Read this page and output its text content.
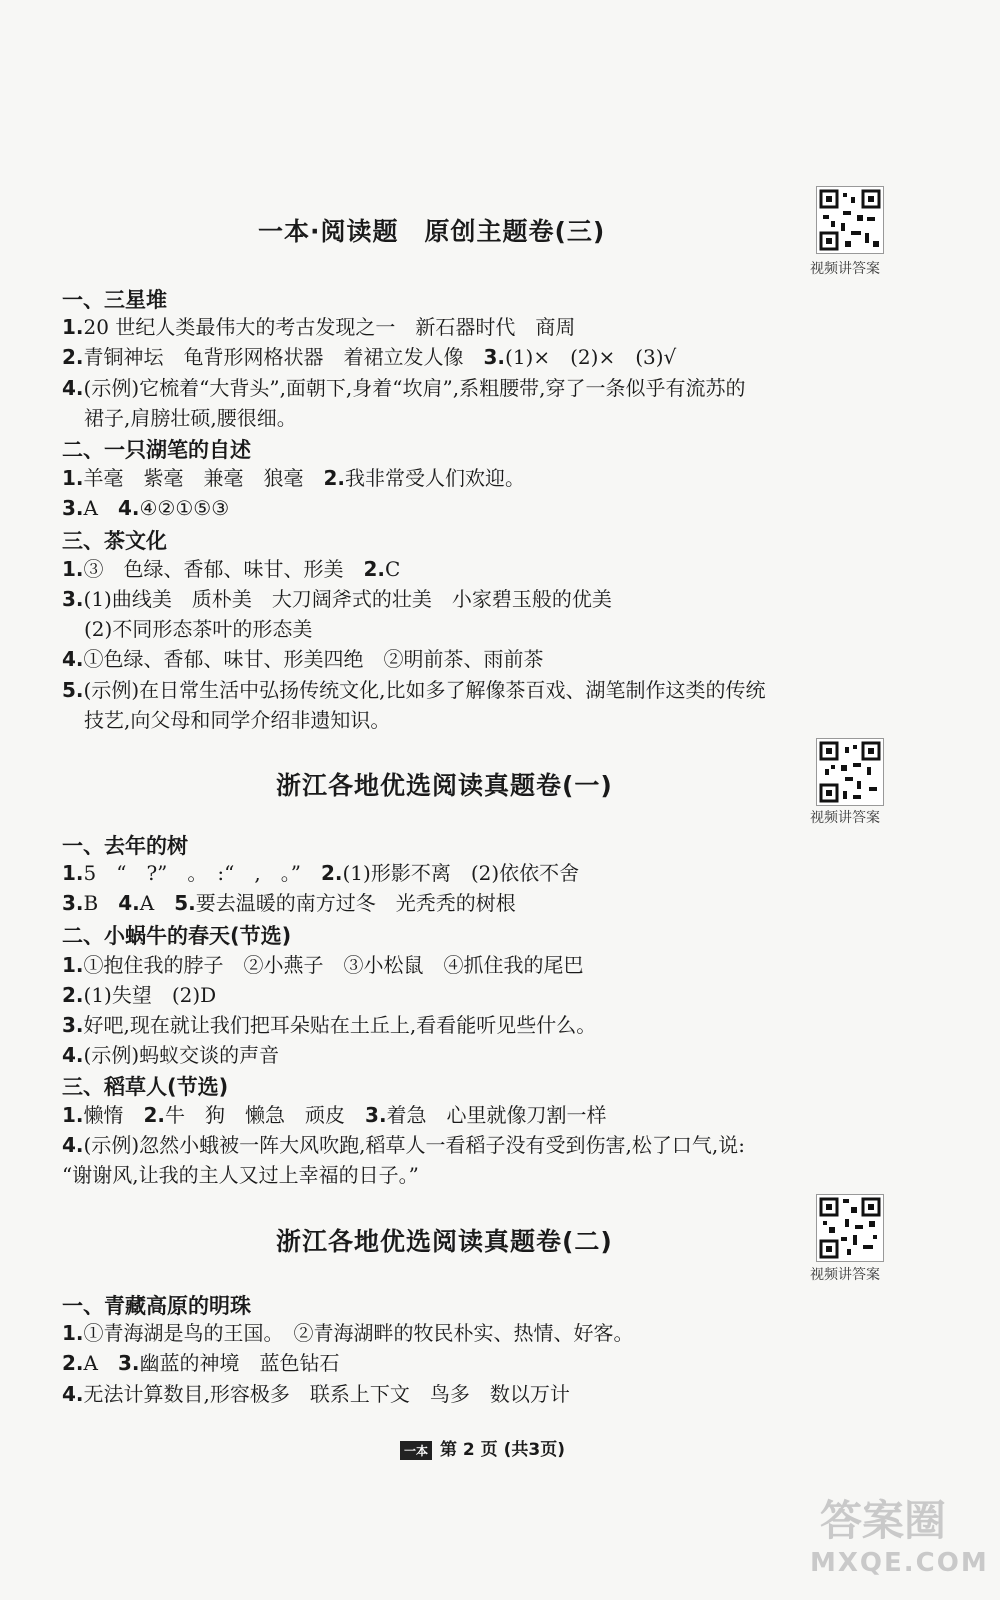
一本·阅读题　原创主题卷(三)
视频讲答案
一、三星堆
1.20 世纪人类最伟大的考古发现之一　新石器时代　商周
2.青铜神坛　龟背形网格状器　着裙立发人像　3.(1)×　(2)×　(3)√
4.(示例)它梳着“大背头”,面朝下,身着“坎肩”,系粗腰带,穿了一条似乎有流苏的
裙子,肩膀壮硕,腰很细。
二、一只湖笔的自述
1.羊毫　紫毫　兼毫　狼毫　2.我非常受人们欢迎。
3.A　4.④②①⑤③
三、茶文化
1.③　色绿、香郁、味甘、形美　2.C
3.(1)曲线美　质朴美　大刀阔斧式的壮美　小家碧玉般的优美
(2)不同形态茶叶的形态美
4.①色绿、香郁、味甘、形美四绝　②明前茶、雨前茶
5.(示例)在日常生活中弘扬传统文化,比如多了解像茶百戏、湖笔制作这类的传统
技艺,向父母和同学介绍非遗知识。
浙江各地优选阅读真题卷(一)
视频讲答案
一、去年的树
1.5　“　?”　。　:“　,　。”　2.(1)形影不离　(2)依依不舍
3.B　4.A　5.要去温暖的南方过冬　光秃秃的树根
二、小蜗牛的春天(节选)
1.①抱住我的脖子　②小燕子　③小松鼠　④抓住我的尾巴
2.(1)失望　(2)D
3.好吧,现在就让我们把耳朵贴在土丘上,看看能听见些什么。
4.(示例)蚂蚁交谈的声音
三、稻草人(节选)
1.懒惰　2.牛　狗　懒急　顽皮　3.着急　心里就像刀割一样
4.(示例)忽然小蛾被一阵大风吹跑,稻草人一看稻子没有受到伤害,松了口气,说:
“谢谢风,让我的主人又过上幸福的日子。”
浙江各地优选阅读真题卷(二)
视频讲答案
一、青藏高原的明珠
1.①青海湖是鸟的王国。　②青海湖畔的牧民朴实、热情、好客。
2.A　3.幽蓝的神境　蓝色钻石
4.无法计算数目,形容极多　联系上下文　鸟多　数以万计
一本 第 2 页 (共3页)
答案圈
MXQE.COM
